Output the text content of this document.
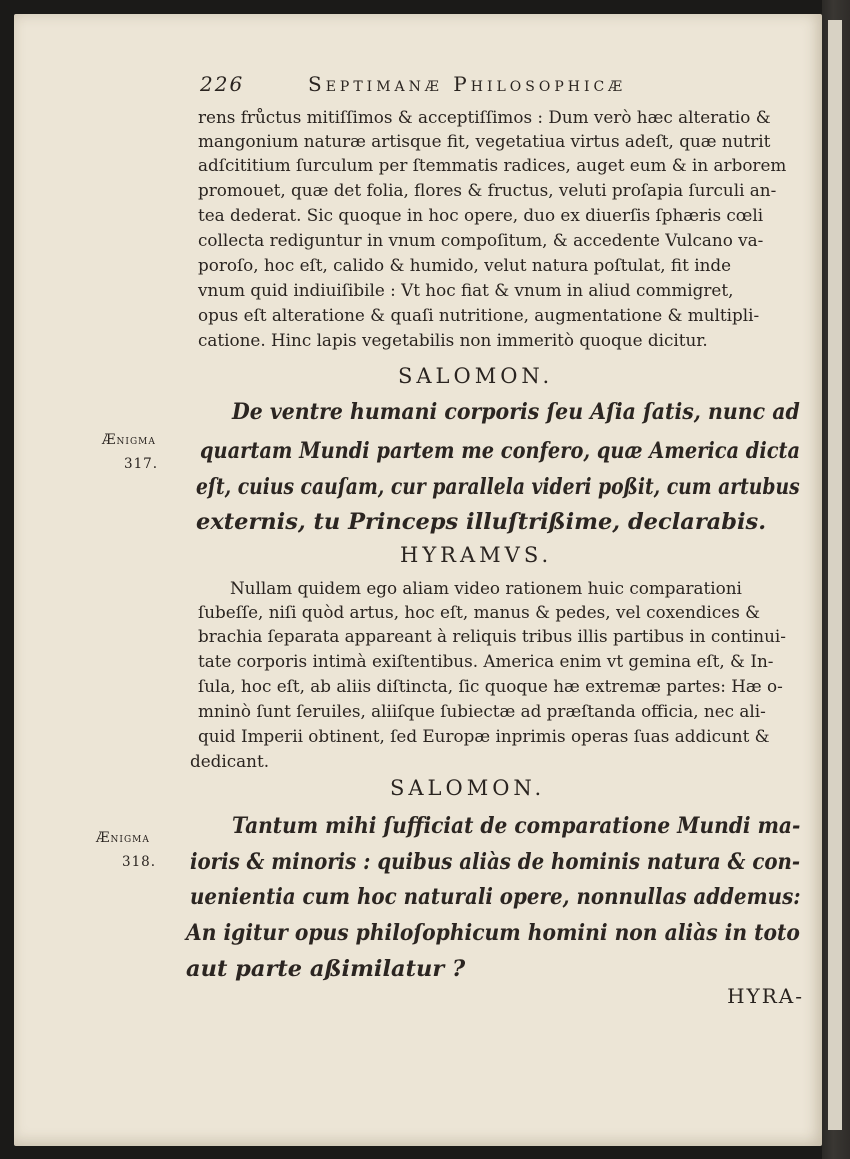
226	Septimanæ Philosophicæ
rens frůctus mitiſſimos & acceptiſſimos : Dum verò hæc alteratio &
mangonium naturæ artisque fit, vegetatiua virtus adeſt, quæ nutrit
adſcititium ſurculum per ſtemmatis radices, auget eum & in arborem
promouet, quæ det folia, flores & fructus, veluti proſapia ſurculi an-
tea dederat. Sic quoque in hoc opere, duo ex diuerſis ſphæris cœli
collecta rediguntur in vnum compoſitum, & accedente Vulcano va-
poroſo, hoc eſt, calido & humido, velut natura poſtulat, fit inde
vnum quid indiuiſibile : Vt hoc fiat & vnum in aliud commigret,
opus eſt alteratione & quaſi nutritione, augmentatione & multipli-
catione. Hinc lapis vegetabilis non immeritò quoque dicitur.
SALOMON.
Ænigma
317.
De ventre humani corporis ſeu Aſia ſatis, nunc ad
quartam Mundi partem me confero, quæ America dicta
eſt, cuius cauſam, cur parallela videri poßit, cum artubus
externis, tu Princeps illuſtrißime, declarabis.
HYRAMVS.
Nullam quidem ego aliam video rationem huic comparationi
ſubeſſe, niſi quòd artus, hoc eſt, manus & pedes, vel coxendices &
brachia ſeparata appareant à reliquis tribus illis partibus in continui-
tate corporis intimà exiſtentibus. America enim vt gemina eſt, & In-
ſula, hoc eſt, ab aliis diſtincta, ſic quoque hæ extremæ partes: Hæ o-
mninò ſunt ſeruiles, aliiſque ſubiectæ ad præſtanda officia, nec ali-
quid Imperii obtinent, ſed Europæ inprimis operas ſuas addicunt &
dedicant.
SALOMON.
Ænigma
318.
Tantum mihi ſufficiat de comparatione Mundi ma-
ioris & minoris : quibus aliàs de hominis natura & con-
uenientia cum hoc naturali opere, nonnullas addemus:
An igitur opus philoſophicum homini non aliàs in toto
aut parte aßimilatur ?
HYRA-
